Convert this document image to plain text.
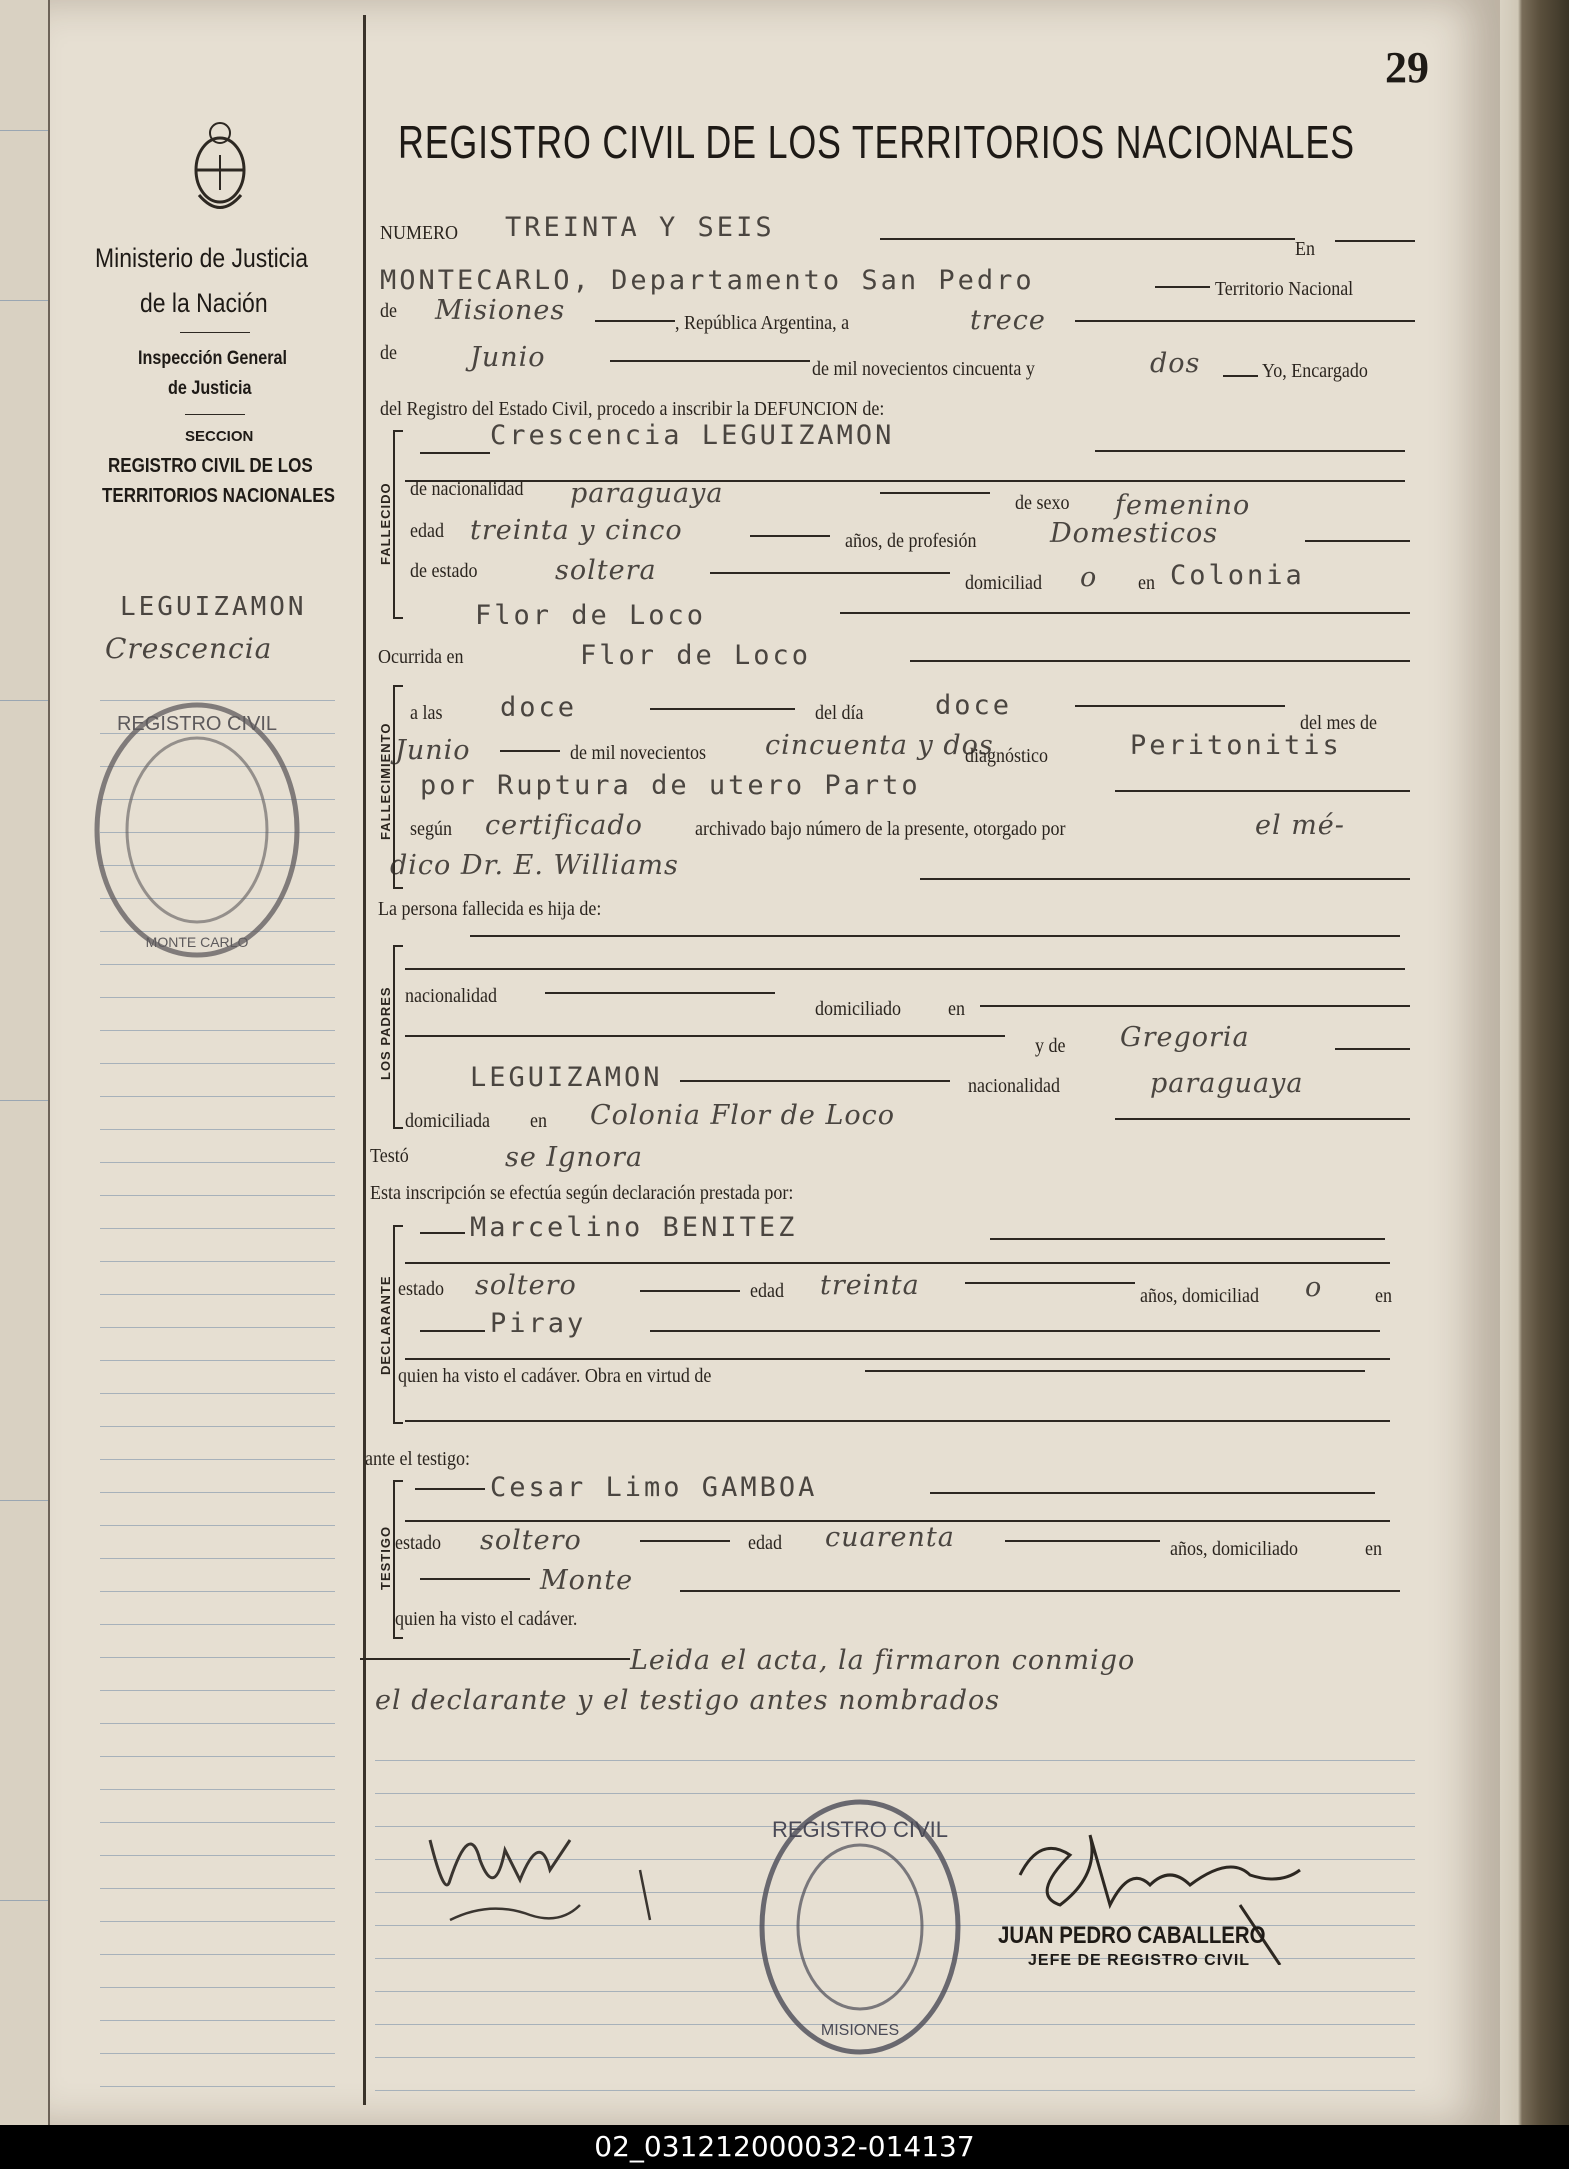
Ministerio de Justicia
de la Nación
Inspección General
de Justicia
SECCION
REGISTRO CIVIL DE LOS
TERRITORIOS NACIONALES
LEGUIZAMON
Crescencia
REGISTRO CIVIL
MONTE CARLO
29
REGISTRO CIVIL DE LOS TERRITORIOS NACIONALES
NUMERO TREINTA Y SEIS
En
MONTECARLO, Departamento San Pedro	Territorio Nacional
de Misiones	, República Argentina, a	trece
de	Junio	de mil novecientos cincuenta y	dos	Yo, Encargado
del Registro del Estado Civil, procedo a inscribir la DEFUNCION de:
Crescencia LEGUIZAMON
de nacionalidad paraguaya	de sexo femenino
edad treinta y cinco	años, de profesión	Domesticos
de estado	soltera	domiciliad o en Colonia
Flor de Loco
Ocurrida en	Flor de Loco
a las doce	del día	doce
del mes de
Junio	de mil novecientos cincuenta y dos
diagnóstico	Peritonitis
por Ruptura de utero Parto
según certificado	archivado bajo número de la presente, otorgado por	el mé-
dico Dr. E. Williams
La persona fallecida es hija de:
nacionalidad
domiciliado en
y de Gregoria
LEGUIZAMON	nacionalidad	paraguaya
domiciliada en Colonia Flor de Loco
Testó	se Ignora
Esta inscripción se efectúa según declaración prestada por:
Marcelino BENITEZ
estado soltero	edad treinta	años, domiciliad o	en
Piray
quien ha visto el cadáver. Obra en virtud de
ante el testigo:
Cesar Limo GAMBOA
estado soltero	edad cuarenta	años, domiciliado	en
Monte
quien ha visto el cadáver.
Leida el acta, la firmaron conmigo
el declarante y el testigo antes nombrados
FALLECIDO
FALLECIMIENTO
LOS PADRES
DECLARANTE
TESTIGO
REGISTRO CIVIL
MISIONES
JUAN PEDRO CABALLERO
JEFE DE REGISTRO CIVIL
02_031212000032-014137
